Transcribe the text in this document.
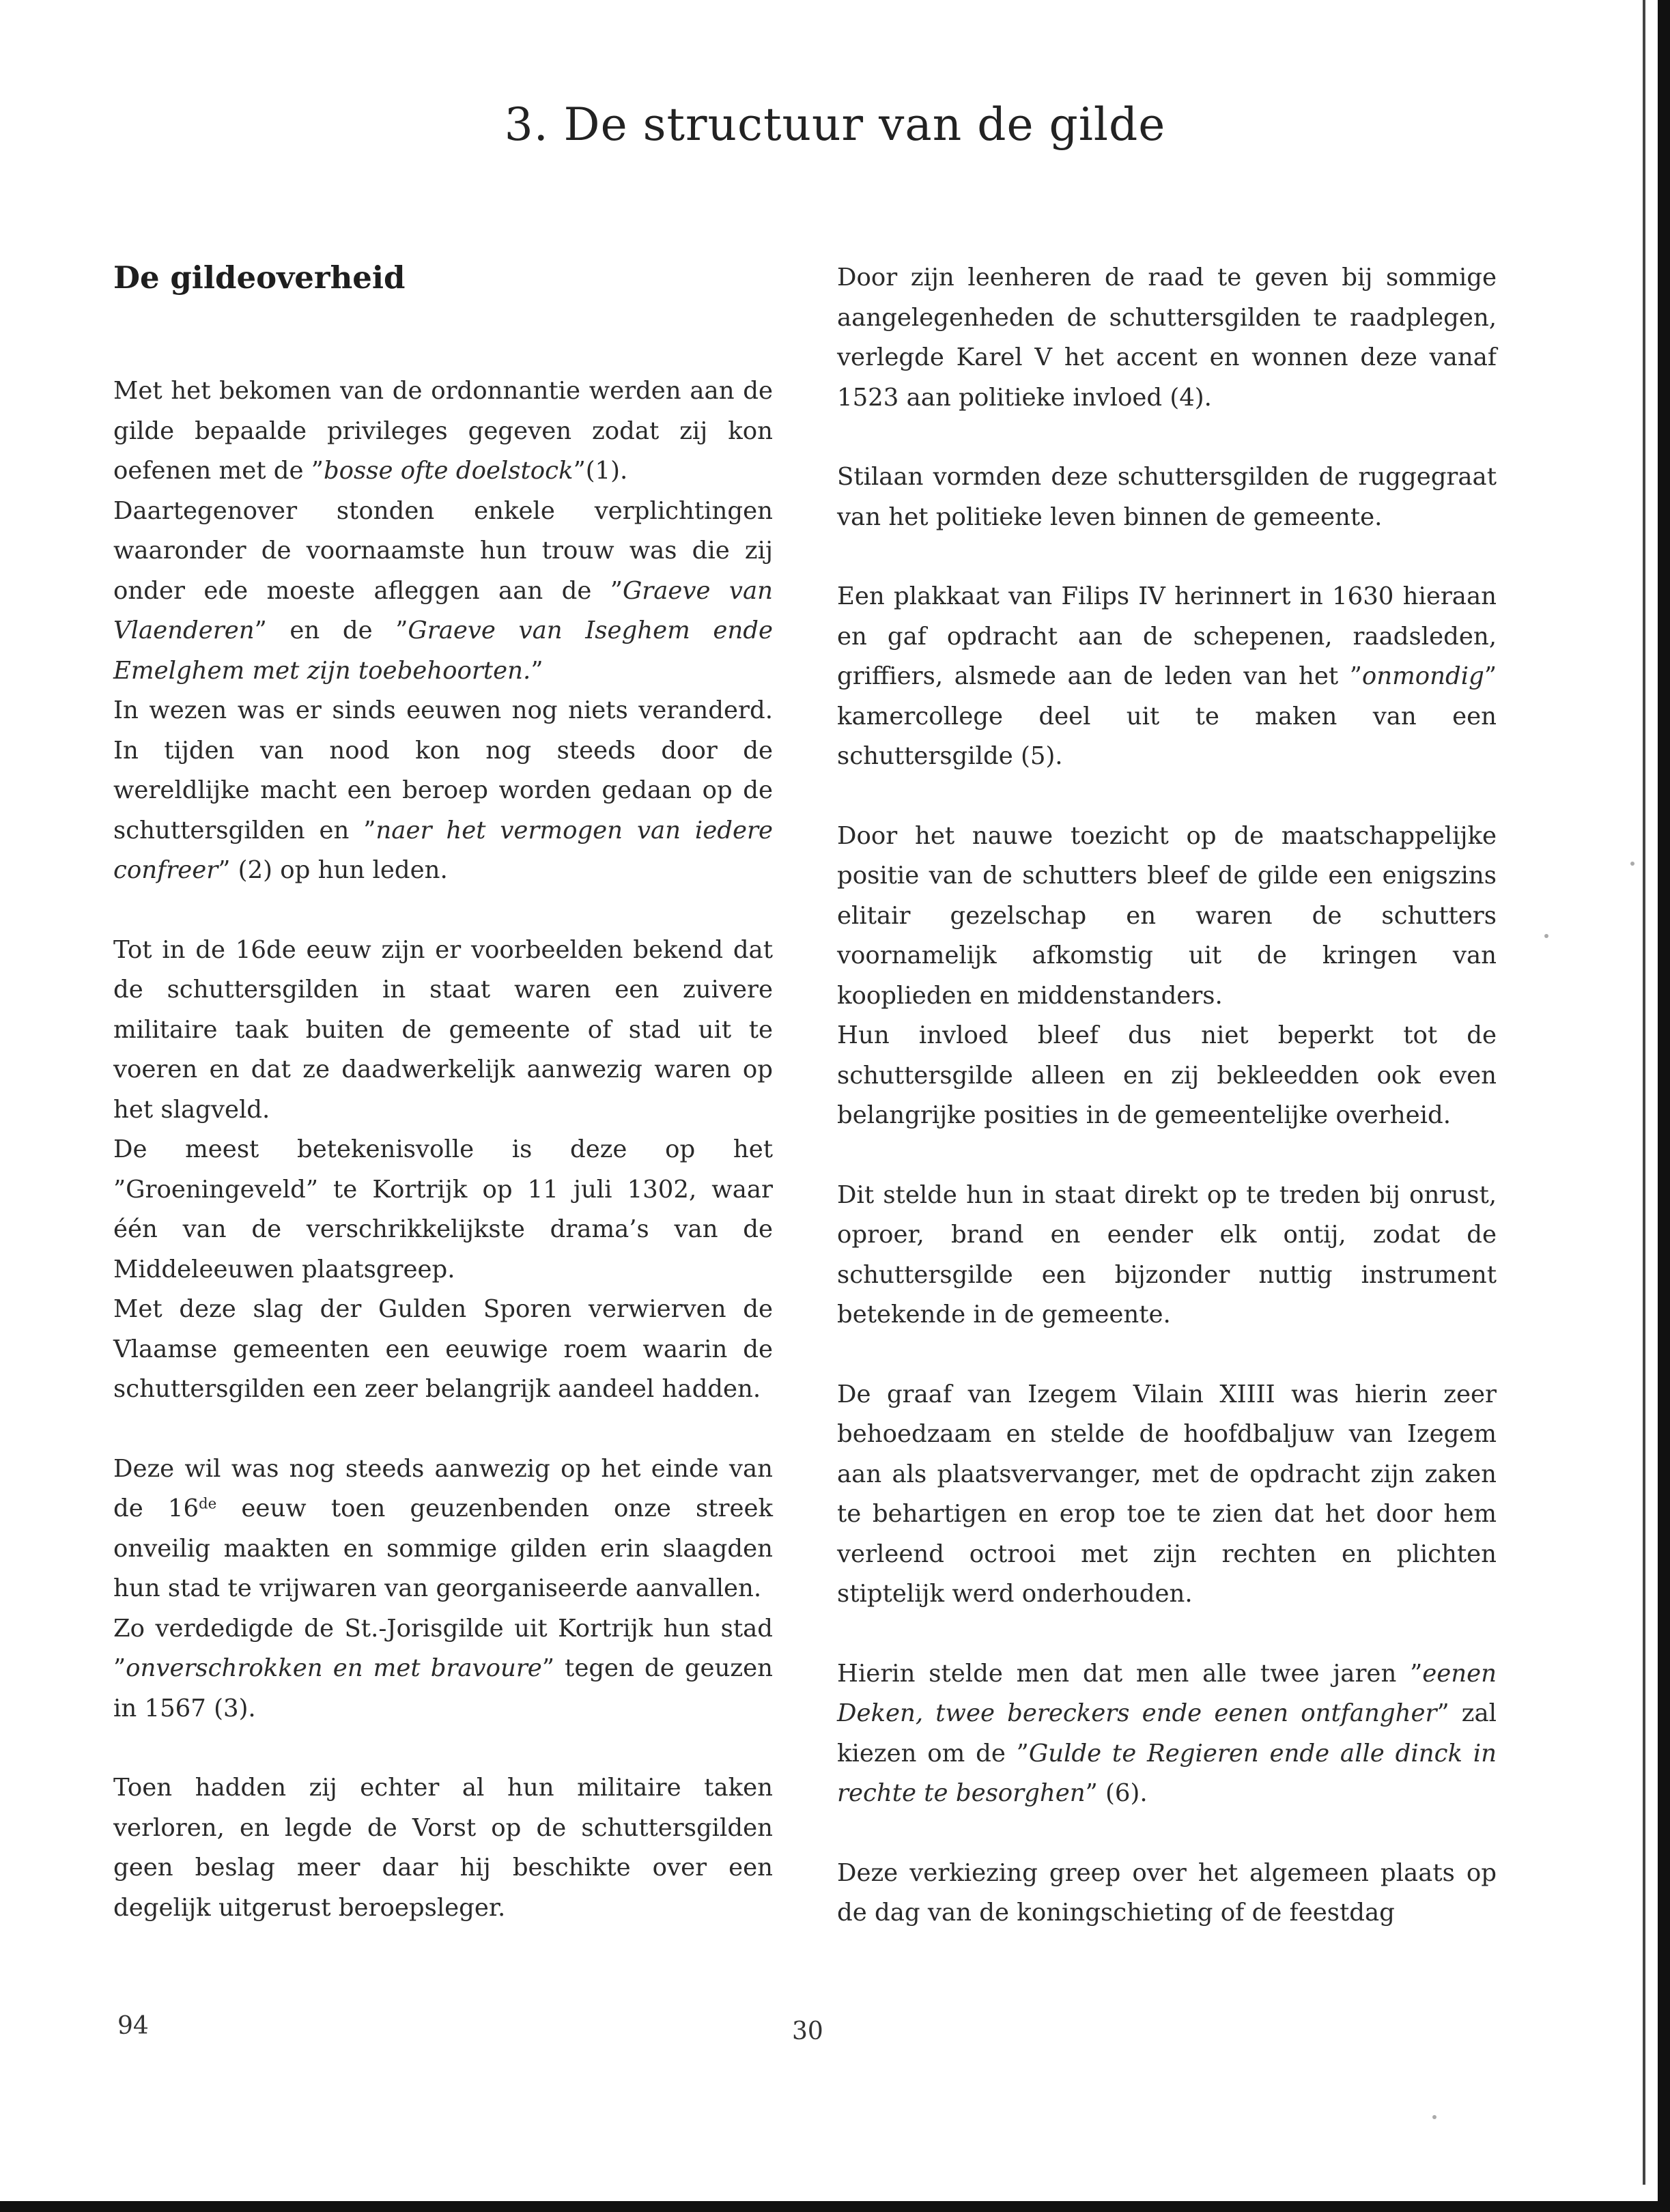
3. De structuur van de gilde
De gildeoverheid

Met het bekomen van de ordonnantie werden aan de gilde bepaalde privileges gegeven zodat zij kon oefenen met de ”bosse ofte doelstock”(1).

Daartegenover stonden enkele verplichtingen waaronder de voornaamste hun trouw was die zij onder ede moeste afleggen aan de ”Graeve van Vlaenderen” en de ”Graeve van Iseghem ende Emelghem met zijn toebehoorten.”

In wezen was er sinds eeuwen nog niets veranderd. In tijden van nood kon nog steeds door de wereldlijke macht een beroep worden gedaan op de schuttersgilden en ”naer het vermogen van iedere confreer” (2) op hun leden.

Tot in de 16de eeuw zijn er voorbeelden bekend dat de schuttersgilden in staat waren een zuivere militaire taak buiten de gemeente of stad uit te voeren en dat ze daadwerkelijk aanwezig waren op het slagveld.

De meest betekenisvolle is deze op het ”Groeningeveld” te Kortrijk op 11 juli 1302, waar één van de verschrikkelijkste drama’s van de Middeleeuwen plaatsgreep.

Met deze slag der Gulden Sporen verwierven de Vlaamse gemeenten een eeuwige roem waarin de schuttersgilden een zeer belangrijk aandeel hadden.

Deze wil was nog steeds aanwezig op het einde van de 16de eeuw toen geuzenbenden onze streek onveilig maakten en sommige gilden erin slaagden hun stad te vrijwaren van georganiseerde aanvallen.

Zo verdedigde de St.-Jorisgilde uit Kortrijk hun stad ”onverschrokken en met bravoure” tegen de geuzen in 1567 (3).

Toen hadden zij echter al hun militaire taken verloren, en legde de Vorst op de schuttersgilden geen beslag meer daar hij beschikte over een degelijk uitgerust beroepsleger.

Door zijn leenheren de raad te geven bij sommige aangelegenheden de schuttersgilden te raadplegen, verlegde Karel V het accent en wonnen deze vanaf 1523 aan politieke invloed (4).

Stilaan vormden deze schuttersgilden de ruggegraat van het politieke leven binnen de gemeente.

Een plakkaat van Filips IV herinnert in 1630 hieraan en gaf opdracht aan de schepenen, raadsleden, griffiers, alsmede aan de leden van het ”onmondig” kamercollege deel uit te maken van een schuttersgilde (5).

Door het nauwe toezicht op de maatschappelijke positie van de schutters bleef de gilde een enigszins elitair gezelschap en waren de schutters voornamelijk afkomstig uit de kringen van kooplieden en middenstanders.

Hun invloed bleef dus niet beperkt tot de schuttersgilde alleen en zij bekleedden ook even belangrijke posities in de gemeentelijke overheid.

Dit stelde hun in staat direkt op te treden bij onrust, oproer, brand en eender elk ontij, zodat de schuttersgilde een bijzonder nuttig instrument betekende in de gemeente.

De graaf van Izegem Vilain XIIII was hierin zeer behoedzaam en stelde de hoofdbaljuw van Izegem aan als plaatsvervanger, met de opdracht zijn zaken te behartigen en erop toe te zien dat het door hem verleend octrooi met zijn rechten en plichten stiptelijk werd onderhouden.

Hierin stelde men dat men alle twee jaren ”eenen Deken, twee bereckers ende eenen ontfangher” zal kiezen om de ”Gulde te Regieren ende alle dinck in rechte te besorghen” (6).

Deze verkiezing greep over het algemeen plaats op de dag van de koningschieting of de feestdag

94	30
